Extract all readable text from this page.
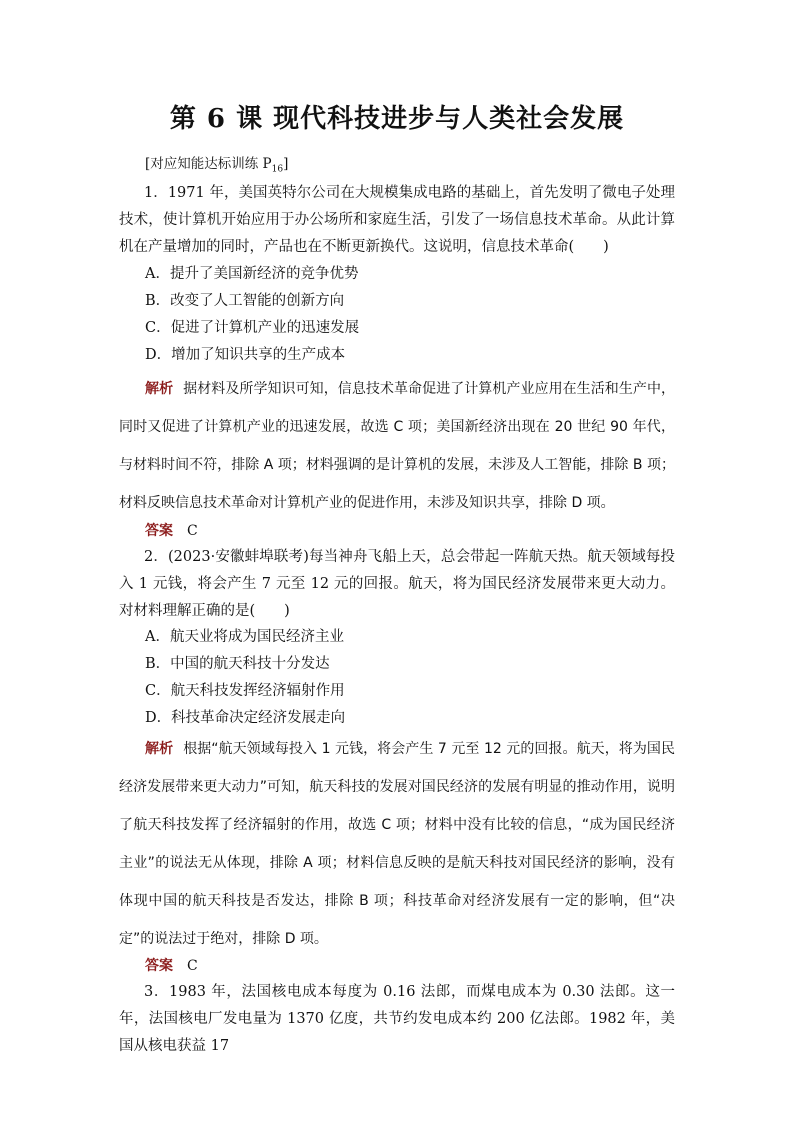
第 6 课 现代科技进步与人类社会发展
[对应知能达标训练 $P_{16}$]
1．1971 年，美国英特尔公司在大规模集成电路的基础上，首先发明了微电子处理技术，使计算机开始应用于办公场所和家庭生活，引发了一场信息技术革命。从此计算机在产量增加的同时，产品也在不断更新换代。这说明，信息技术革命(　　)
A．提升了美国新经济的竞争优势
B．改变了人工智能的创新方向
C．促进了计算机产业的迅速发展
D．增加了知识共享的生产成本
解析 据材料及所学知识可知，信息技术革命促进了计算机产业应用在生活和生产中，同时又促进了计算机产业的迅速发展，故选 C 项；美国新经济出现在 20 世纪 90 年代，与材料时间不符，排除 A 项；材料强调的是计算机的发展，未涉及人工智能，排除 B 项；材料反映信息技术革命对计算机产业的促进作用，未涉及知识共享，排除 D 项。
答案 C
2．(2023·安徽蚌埠联考)每当神舟飞船上天，总会带起一阵航天热。航天领域每投入 1 元钱，将会产生 7 元至 12 元的回报。航天，将为国民经济发展带来更大动力。对材料理解正确的是(　　)
A．航天业将成为国民经济主业
B．中国的航天科技十分发达
C．航天科技发挥经济辐射作用
D．科技革命决定经济发展走向
解析 根据“航天领域每投入 1 元钱，将会产生 7 元至 12 元的回报。航天，将为国民经济发展带来更大动力”可知，航天科技的发展对国民经济的发展有明显的推动作用，说明了航天科技发挥了经济辐射的作用，故选 C 项；材料中没有比较的信息，“成为国民经济主业”的说法无从体现，排除 A 项；材料信息反映的是航天科技对国民经济的影响，没有体现中国的航天科技是否发达，排除 B 项；科技革命对经济发展有一定的影响，但“决定”的说法过于绝对，排除 D 项。
答案 C
3．1983 年，法国核电成本每度为 0.16 法郎，而煤电成本为 0.30 法郎。这一年，法国核电厂发电量为 1370 亿度，共节约发电成本约 200 亿法郎。1982 年，美国从核电获益 17
